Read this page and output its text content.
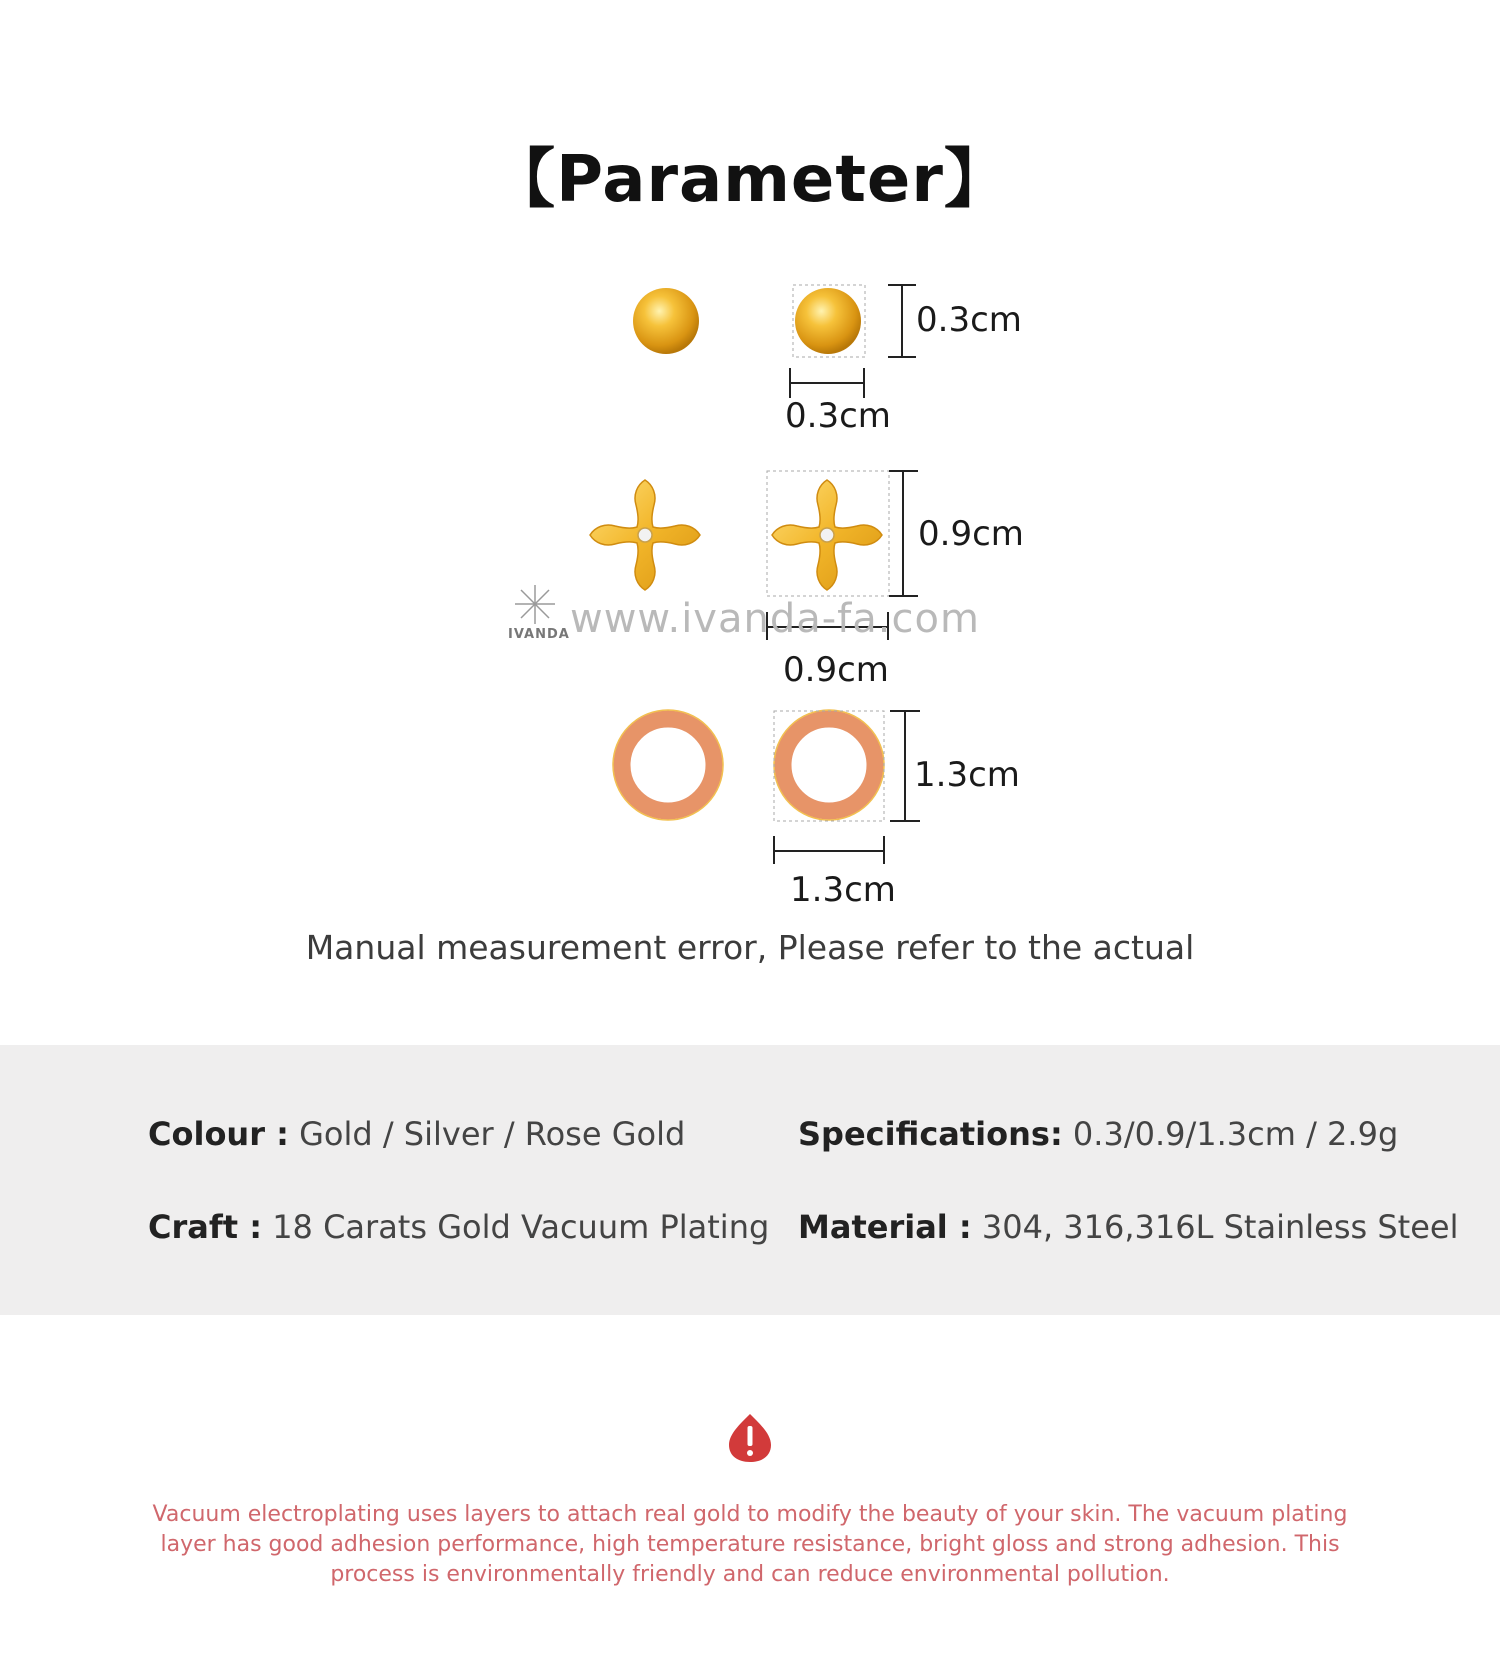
【Parameter】
0.3cm
0.3cm
0.9cm
0.9cm
1.3cm
1.3cm
www.ivanda-fa.com
IVANDA
Manual measurement error, Please refer to the actual
Colour : Gold / Silver / Rose Gold	Specifications: 0.3/0.9/1.3cm / 2.9g
Craft : 18 Carats Gold Vacuum Plating Material : 304, 316,316L Stainless Steel
Vacuum electroplating uses layers to attach real gold to modify the beauty of your skin. The vacuum plating layer has good adhesion performance, high temperature resistance, bright gloss and strong adhesion. This process is environmentally friendly and can reduce environmental pollution.
